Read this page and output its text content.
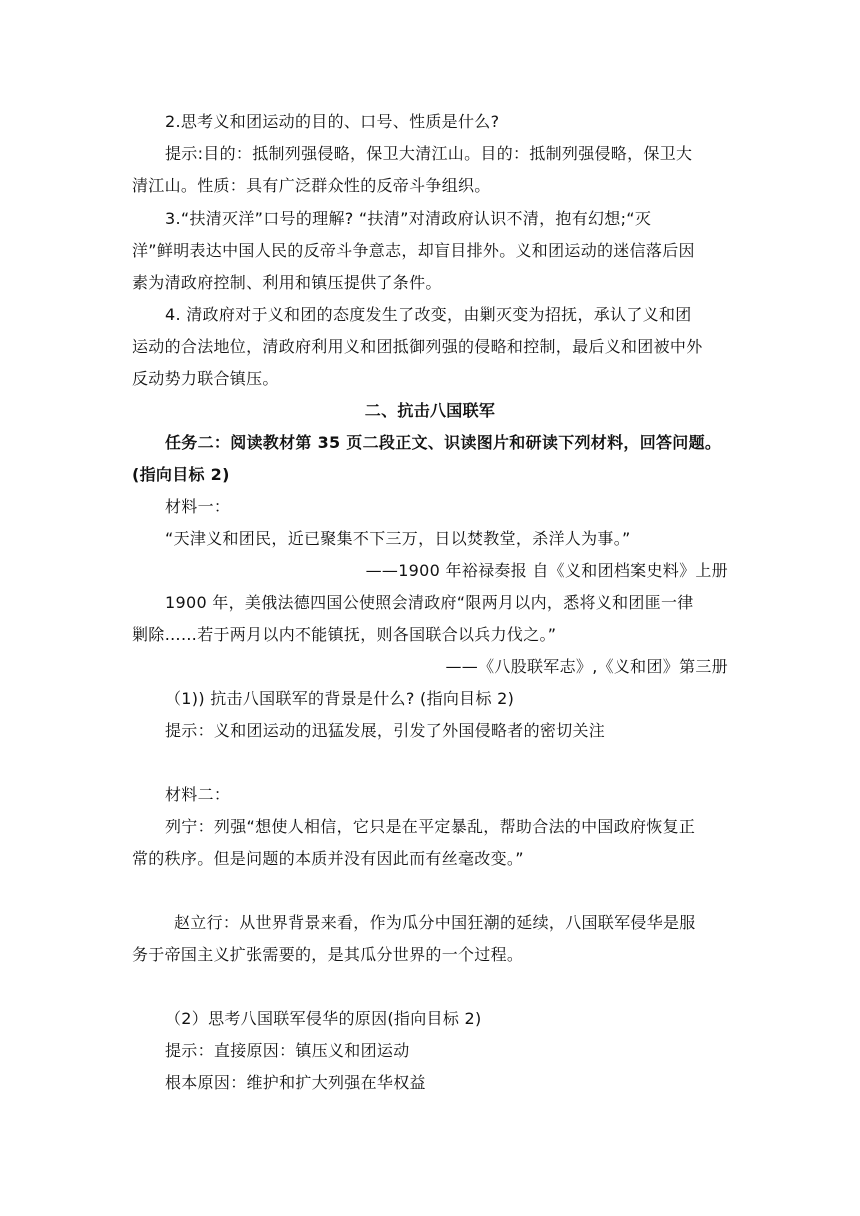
2.思考义和团运动的目的、口号、性质是什么?
提示:目的：抵制列强侵略，保卫大清江山。目的：抵制列强侵略，保卫大
清江山。性质：具有广泛群众性的反帝斗争组织。
3.“扶清灭洋”口号的理解? “扶清”对清政府认识不清，抱有幻想;“灭
洋”鲜明表达中国人民的反帝斗争意志，却盲目排外。义和团运动的迷信落后因
素为清政府控制、利用和镇压提供了条件。
4. 清政府对于义和团的态度发生了改变，由剿灭变为招抚，承认了义和团
运动的合法地位，清政府利用义和团抵御列强的侵略和控制，最后义和团被中外
反动势力联合镇压。
二、抗击八国联军
任务二：阅读教材第 35 页二段正文、识读图片和研读下列材料，回答问题。
(指向目标 2)
材料一：
“天津义和团民，近已聚集不下三万，日以焚教堂，杀洋人为事。”
——1900 年裕禄奏报 自《义和团档案史料》上册
1900 年，美俄法德四国公使照会清政府“限两月以内，悉将义和团匪一律
剿除……若于两月以内不能镇抚，则各国联合以兵力伐之。”
——《八股联军志》,《义和团》第三册
（1)) 抗击八国联军的背景是什么? (指向目标 2)
提示：义和团运动的迅猛发展，引发了外国侵略者的密切关注
材料二：
列宁：列强“想使人相信，它只是在平定暴乱，帮助合法的中国政府恢复正
常的秩序。但是问题的本质并没有因此而有丝毫改变。”
赵立行：从世界背景来看，作为瓜分中国狂潮的延续，八国联军侵华是服
务于帝国主义扩张需要的，是其瓜分世界的一个过程。
（2）思考八国联军侵华的原因(指向目标 2)
提示：直接原因：镇压义和团运动
根本原因：维护和扩大列强在华权益
